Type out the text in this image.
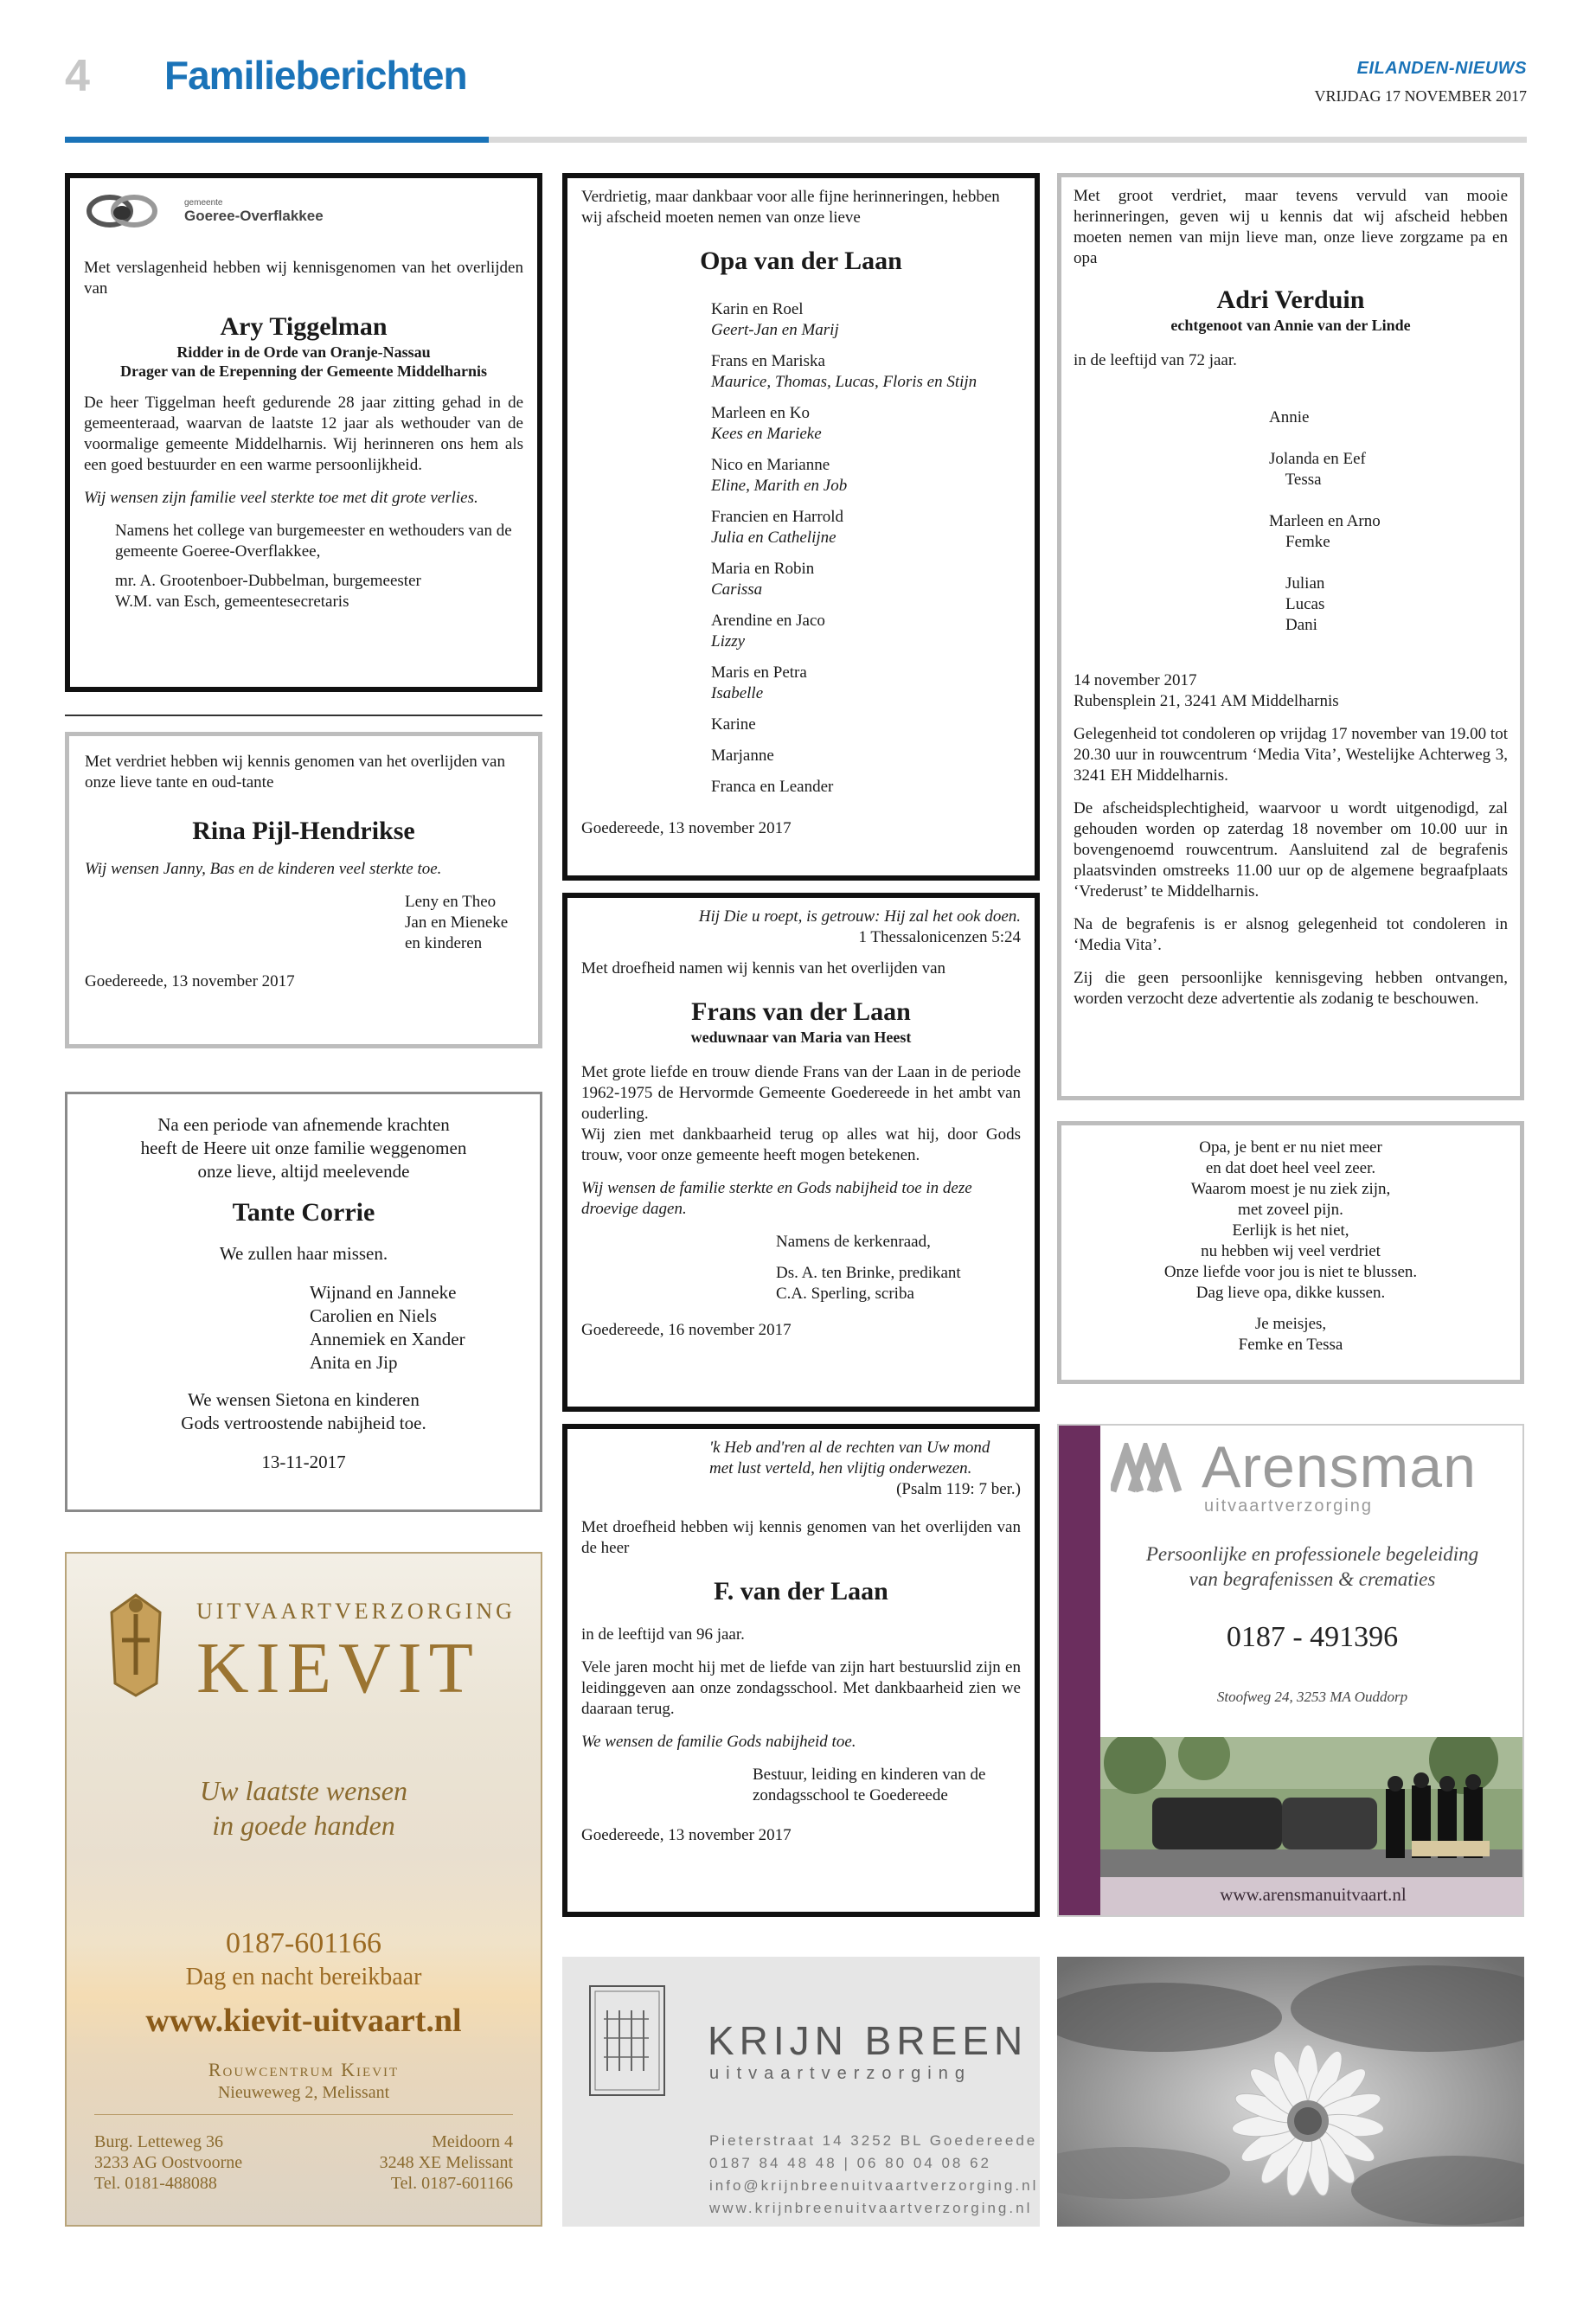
4 Familieberichten	EILANDEN-NIEUWS
VRIJDAG 17 NOVEMBER 2017
gemeente
Goeree-Overflakkee

Met verslagenheid hebben wij kennisgenomen van het overlijden van

Ary Tiggelman

Ridder in de Orde van Oranje-Nassau

Drager van de Erepenning der Gemeente Middelharnis

De heer Tiggelman heeft gedurende 28 jaar zitting gehad in de gemeenteraad, waarvan de laatste 12 jaar als wethouder van de voormalige gemeente Middelharnis. Wij herinneren ons hem als een goed bestuurder en een warme persoonlijkheid.

Wij wensen zijn familie veel sterkte toe met dit grote verlies.

Namens het college van burgemeester en wethouders van de gemeente Goeree-Overflakkee,

mr. A. Grootenboer-Dubbelman, burgemeester

W.M. van Esch, gemeentesecretaris

Met verdriet hebben wij kennis genomen van het overlijden van onze lieve tante en oud-tante

Rina Pijl-Hendrikse

Wij wensen Janny, Bas en de kinderen veel sterkte toe.

Leny en Theo

Jan en Mieneke

en kinderen

Goedereede, 13 november 2017

Na een periode van afnemende krachten

heeft de Heere uit onze familie weggenomen

onze lieve, altijd meelevende

Tante Corrie

We zullen haar missen.

Wijnand en Janneke

Carolien en Niels

Annemiek en Xander

Anita en Jip

We wensen Sietona en kinderen

Gods vertroostende nabijheid toe.

13-11-2017

UITVAARTVERZORGING
KIEVIT
Uw laatste wensen
in goede handen
0187-601166
Dag en nacht bereikbaar
www.kievit-uitvaart.nl
Rouwcentrum Kievit
Nieuweweg 2, Melissant
Burg. Letteweg 36
3233 AG Oostvoorne
Tel. 0181-488088
Meidoorn 4
3248 XE Melissant
Tel. 0187-601166

Verdrietig, maar dankbaar voor alle fijne herinneringen, hebben wij afscheid moeten nemen van onze lieve

Opa van der Laan

Karin en Roel

Geert-Jan en Marij

Frans en Mariska

Maurice, Thomas, Lucas, Floris en Stijn

Marleen en Ko

Kees en Marieke

Nico en Marianne

Eline, Marith en Job

Francien en Harrold

Julia en Cathelijne

Maria en Robin

Carissa

Arendine en Jaco

Lizzy

Maris en Petra

Isabelle

Karine

Marjanne

Franca en Leander

Goedereede, 13 november 2017

Hij Die u roept, is getrouw: Hij zal het ook doen.

1 Thessalonicenzen 5:24

Met droefheid namen wij kennis van het overlijden van

Frans van der Laan

weduwnaar van Maria van Heest

Met grote liefde en trouw diende Frans van der Laan in de periode 1962-1975 de Hervormde Gemeente Goedereede in het ambt van ouderling.

Wij zien met dankbaarheid terug op alles wat hij, door Gods trouw, voor onze gemeente heeft mogen betekenen.

Wij wensen de familie sterkte en Gods nabijheid toe in deze droevige dagen.

Namens de kerkenraad,

Ds. A. ten Brinke, predikant

C.A. Sperling, scriba

Goedereede, 16 november 2017

'k Heb and'ren al de rechten van Uw mond

met lust verteld, hen vlijtig onderwezen.

(Psalm 119: 7 ber.)

Met droefheid hebben wij kennis genomen van het overlijden van de heer

F. van der Laan

in de leeftijd van 96 jaar.

Vele jaren mocht hij met de liefde van zijn hart bestuurslid zijn en leidinggeven aan onze zondagsschool. Met dankbaarheid zien we daaraan terug.

We wensen de familie Gods nabijheid toe.

Bestuur, leiding en kinderen van de zondagsschool te Goedereede

Goedereede, 13 november 2017

KRIJN BREEN
uitvaartverzorging
Pieterstraat 14 3252 BL Goedereede
0187 84 48 48 | 06 80 04 08 62
info@krijnbreenuitvaartverzorging.nl
www.krijnbreenuitvaartverzorging.nl

Met groot verdriet, maar tevens vervuld van mooie herinneringen, geven wij u kennis dat wij afscheid hebben moeten nemen van mijn lieve man, onze lieve zorgzame pa en opa

Adri Verduin

echtgenoot van Annie van der Linde

in de leeftijd van 72 jaar.

Annie

Jolanda en Eef

Tessa

Marleen en Arno

Femke

Julian

Lucas

Dani

14 november 2017

Rubensplein 21, 3241 AM Middelharnis

Gelegenheid tot condoleren op vrijdag 17 november van 19.00 tot 20.30 uur in rouwcentrum ‘Media Vita’, Westelijke Achterweg 3, 3241 EH Middelharnis.

De afscheidsplechtigheid, waarvoor u wordt uitgenodigd, zal gehouden worden op zaterdag 18 november om 10.00 uur in bovengenoemd rouwcentrum. Aansluitend zal de begrafenis plaatsvinden omstreeks 11.00 uur op de algemene begraafplaats ‘Vrederust’ te Middelharnis.

Na de begrafenis is er alsnog gelegenheid tot condoleren in ‘Media Vita’.

Zij die geen persoonlijke kennisgeving hebben ontvangen, worden verzocht deze advertentie als zodanig te beschouwen.

Opa, je bent er nu niet meer

en dat doet heel veel zeer.

Waarom moest je nu ziek zijn,

met zoveel pijn.

Eerlijk is het niet,

nu hebben wij veel verdriet

Onze liefde voor jou is niet te blussen.

Dag lieve opa, dikke kussen.

Je meisjes,

Femke en Tessa

Arensman
uitvaartverzorging
Persoonlijke en professionele begeleiding
van begrafenissen & crematies
0187 - 491396
Stoofweg 24, 3253 MA Ouddorp
www.arensmanuitvaart.nl
